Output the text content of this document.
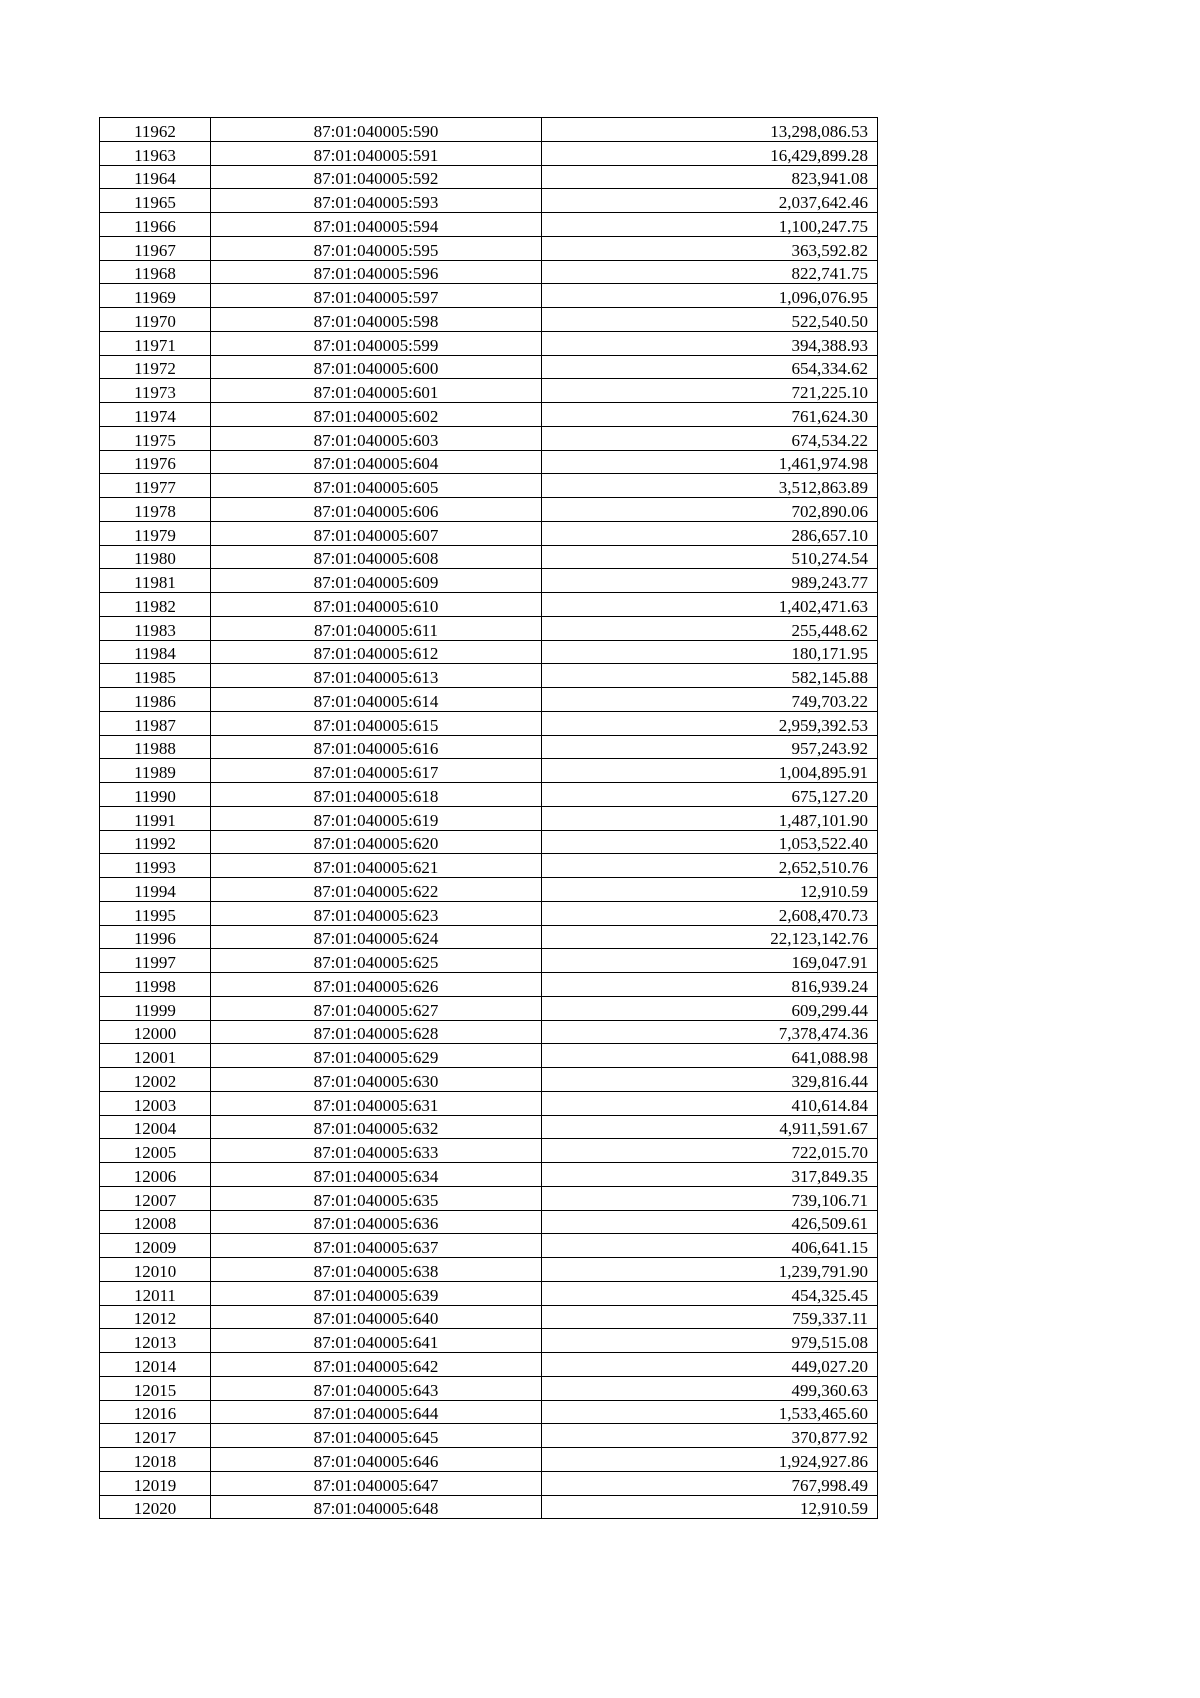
11962	87:01:040005:590	13,298,086.53
11963	87:01:040005:591	16,429,899.28
11964	87:01:040005:592	823,941.08
11965	87:01:040005:593	2,037,642.46
11966	87:01:040005:594	1,100,247.75
11967	87:01:040005:595	363,592.82
11968	87:01:040005:596	822,741.75
11969	87:01:040005:597	1,096,076.95
11970	87:01:040005:598	522,540.50
11971	87:01:040005:599	394,388.93
11972	87:01:040005:600	654,334.62
11973	87:01:040005:601	721,225.10
11974	87:01:040005:602	761,624.30
11975	87:01:040005:603	674,534.22
11976	87:01:040005:604	1,461,974.98
11977	87:01:040005:605	3,512,863.89
11978	87:01:040005:606	702,890.06
11979	87:01:040005:607	286,657.10
11980	87:01:040005:608	510,274.54
11981	87:01:040005:609	989,243.77
11982	87:01:040005:610	1,402,471.63
11983	87:01:040005:611	255,448.62
11984	87:01:040005:612	180,171.95
11985	87:01:040005:613	582,145.88
11986	87:01:040005:614	749,703.22
11987	87:01:040005:615	2,959,392.53
11988	87:01:040005:616	957,243.92
11989	87:01:040005:617	1,004,895.91
11990	87:01:040005:618	675,127.20
11991	87:01:040005:619	1,487,101.90
11992	87:01:040005:620	1,053,522.40
11993	87:01:040005:621	2,652,510.76
11994	87:01:040005:622	12,910.59
11995	87:01:040005:623	2,608,470.73
11996	87:01:040005:624	22,123,142.76
11997	87:01:040005:625	169,047.91
11998	87:01:040005:626	816,939.24
11999	87:01:040005:627	609,299.44
12000	87:01:040005:628	7,378,474.36
12001	87:01:040005:629	641,088.98
12002	87:01:040005:630	329,816.44
12003	87:01:040005:631	410,614.84
12004	87:01:040005:632	4,911,591.67
12005	87:01:040005:633	722,015.70
12006	87:01:040005:634	317,849.35
12007	87:01:040005:635	739,106.71
12008	87:01:040005:636	426,509.61
12009	87:01:040005:637	406,641.15
12010	87:01:040005:638	1,239,791.90
12011	87:01:040005:639	454,325.45
12012	87:01:040005:640	759,337.11
12013	87:01:040005:641	979,515.08
12014	87:01:040005:642	449,027.20
12015	87:01:040005:643	499,360.63
12016	87:01:040005:644	1,533,465.60
12017	87:01:040005:645	370,877.92
12018	87:01:040005:646	1,924,927.86
12019	87:01:040005:647	767,998.49
12020	87:01:040005:648	12,910.59
